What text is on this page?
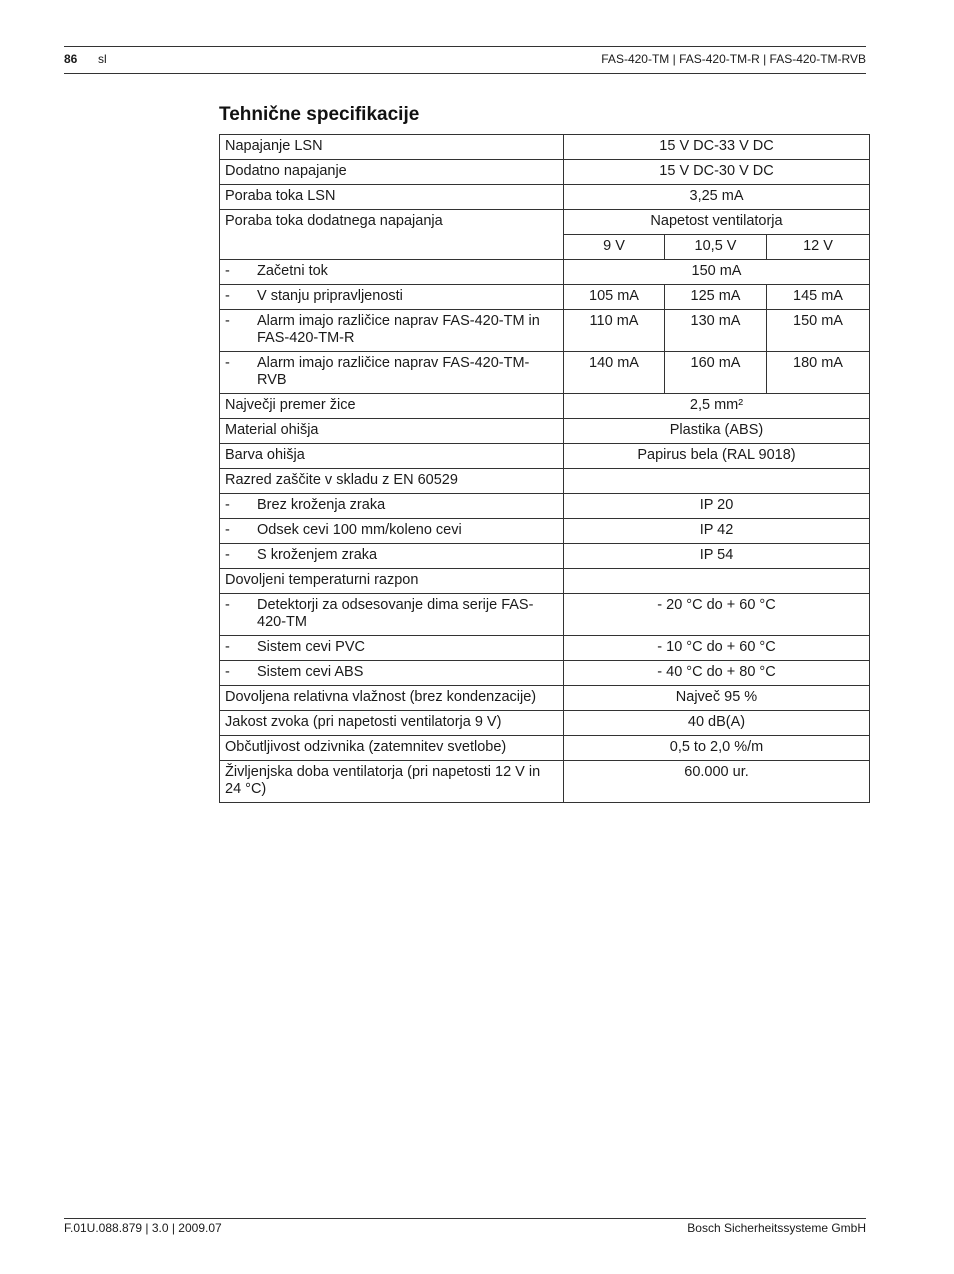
86 sl	FAS-420-TM | FAS-420-TM-R | FAS-420-TM-RVB
Tehnične specifikacije
Napajanje LSN	15 V DC-33 V DC		
Dodatno napajanje	15 V DC-30 V DC		
Poraba toka LSN	3,25 mA		
Poraba toka dodatnega napajanja	Napetost ventilatorja		
	9 V	10,5 V	12 V

- Začetni tok	150 mA		

- V stanju pripravljenosti	105 mA	125 mA	145 mA

- Alarm imajo različice naprav FAS-420-TM in FAS-420-TM-R	110 mA	130 mA	150 mA

- Alarm imajo različice naprav FAS-420-TM-RVB	140 mA	160 mA	180 mA
Največji premer žice	2,5 mm²		
Material ohišja	Plastika (ABS)		
Barva ohišja	Papirus bela (RAL 9018)		
Razred zaščite v skladu z EN 60529			

- Brez kroženja zraka	IP 20		

- Odsek cevi 100 mm/koleno cevi	IP 42		

- S kroženjem zraka	IP 54		
Dovoljeni temperaturni razpon			

- Detektorji za odsesovanje dima serije FAS-420-TM	- 20 °C do + 60 °C		

- Sistem cevi PVC	- 10 °C do + 60 °C		

- Sistem cevi ABS	- 40 °C do + 80 °C		
Dovoljena relativna vlažnost (brez kondenzacije)	Največ 95 %		
Jakost zvoka (pri napetosti ventilatorja 9 V)	40 dB(A)		
Občutljivost odzivnika (zatemnitev svetlobe)	0,5 to 2,0 %/m		
Življenjska doba ventilatorja (pri napetosti 12 V in 24 °C)	60.000 ur.		
F.01U.088.879 | 3.0 | 2009.07	Bosch Sicherheitssysteme GmbH
